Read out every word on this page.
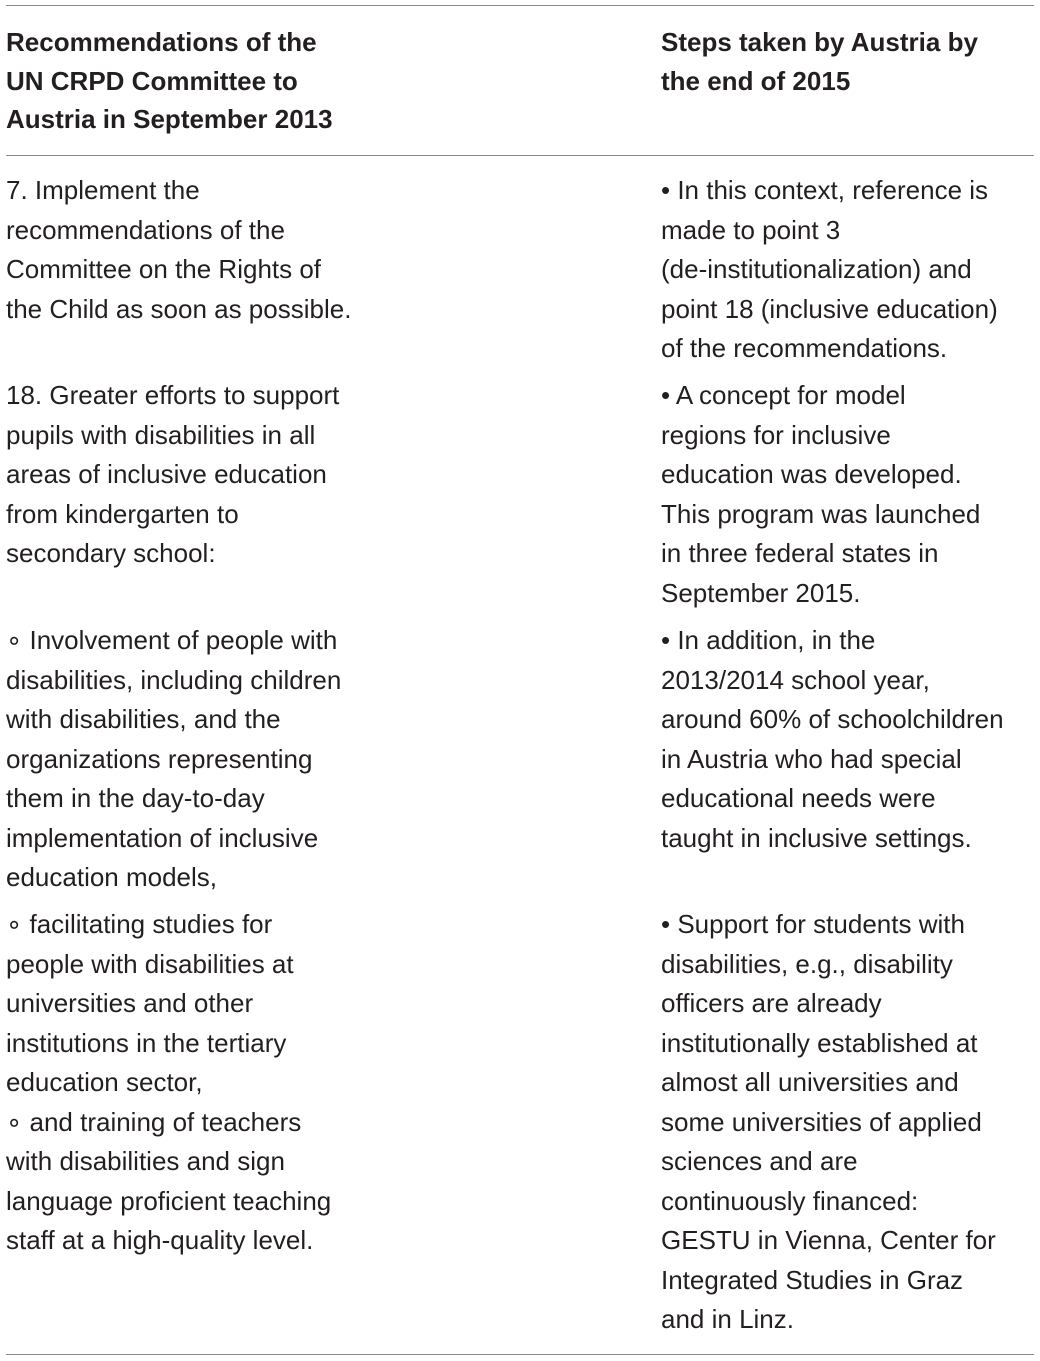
Recommendations of the
UN CRPD Committee to
Austria in September 2013
Steps taken by Austria by
the end of 2015
7. Implement the
recommendations of the
Committee on the Rights of
the Child as soon as possible.
• In this context, reference is
made to point 3
(de-institutionalization) and
point 18 (inclusive education)
of the recommendations.
18. Greater efforts to support
pupils with disabilities in all
areas of inclusive education
from kindergarten to
secondary school:
• A concept for model
regions for inclusive
education was developed.
This program was launched
in three federal states in
September 2015.
∘ Involvement of people with
disabilities, including children
with disabilities, and the
organizations representing
them in the day-to-day
implementation of inclusive
education models,
• In addition, in the
2013/2014 school year,
around 60% of schoolchildren
in Austria who had special
educational needs were
taught in inclusive settings.
∘ facilitating studies for
people with disabilities at
universities and other
institutions in the tertiary
education sector,
∘ and training of teachers
with disabilities and sign
language proficient teaching
staff at a high-quality level.
• Support for students with
disabilities, e.g., disability
officers are already
institutionally established at
almost all universities and
some universities of applied
sciences and are
continuously financed:
GESTU in Vienna, Center for
Integrated Studies in Graz
and in Linz.
